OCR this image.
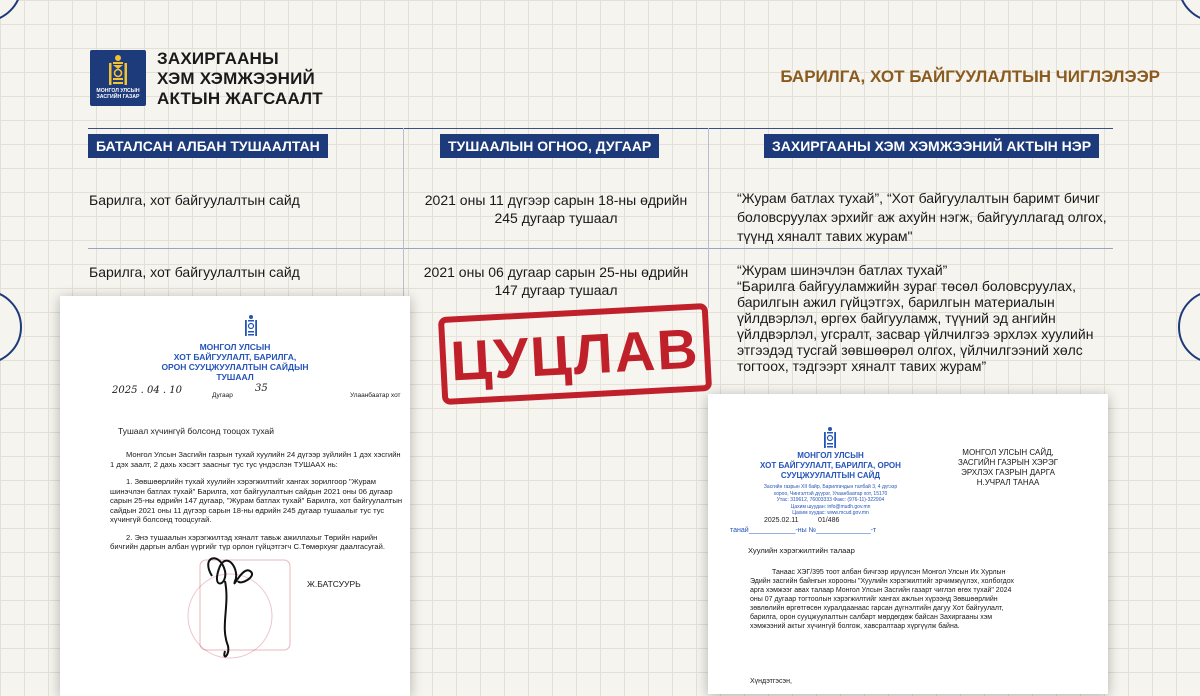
МОНГОЛ УЛСЫН
ЗАСГИЙН ГАЗАР
ЗАХИРГААНЫ
ХЭМ ХЭМЖЭЭНИЙ
АКТЫН ЖАГСААЛТ
БАРИЛГА, ХОТ БАЙГУУЛАЛТЫН ЧИГЛЭЛЭЭР
БАТАЛСАН АЛБАН ТУШААЛТАН	ТУШААЛЫН ОГНОО, ДУГААР	ЗАХИРГААНЫ ХЭМ ХЭМЖЭЭНИЙ АКТЫН НЭР
Барилга, хот байгуулалтын сайд	2021 оны 11 дүгээр сарын 18-ны өдрийн
245 дугаар тушаал
“Журам батлах тухай”, “Хот байгуулалтын баримт бичиг
боловсруулах эрхийг аж ахуйн нэгж, байгууллагад олгох,
түүнд хяналт тавих журам"
Барилга, хот байгуулалтын сайд	2021 оны 06 дугаар сарын 25-ны өдрийн
147 дугаар тушаал
“Журам шинэчлэн батлах тухай”
“Барилга байгууламжийн зураг төсөл боловсруулах,
барилгын ажил гүйцэтгэх, барилгын материалын
үйлдвэрлэл, өргөх байгууламж, түүний эд ангийн
үйлдвэрлэл, угсралт, засвар үйлчилгээ эрхлэх хуулийн
этгээдэд тусгай зөвшөөрөл олгох, үйлчилгээний хөлс
тогтоох, тэдгээрт хяналт тавих журам”
МОНГОЛ УЛСЫН
ХОТ БАЙГУУЛАЛТ, БАРИЛГА,
ОРОН СУУЦЖУУЛАЛТЫН САЙДЫН
ТУШААЛ
2025 . 04 . 10	Дугаар
35
Улаанбаатар хот
Тушаал хүчингүй болсонд тооцох тухай
Монгол Улсын Засгийн газрын тухай хуулийн 24 дүгээр зүйлийн 1 дэх хэсгийн
1 дэх заалт, 2 дахь хэсэгт заасныг тус тус үндэслэн ТУШААХ нь:
1. Зөвшөөрлийн тухай хуулийн хэрэгжилтийг хангах зорилгоор "Журам
шинэчлэн батлах тухай" Барилга, хот байгуулалтын сайдын 2021 оны 06 дугаар
сарын 25-ны өдрийн 147 дугаар, "Журам батлах тухай" Барилга, хот байгуулалтын
сайдын 2021 оны 11 дүгээр сарын 18-ны өдрийн 245 дугаар тушаалыг тус тус
хүчингүй болсонд тооцсугай.
2. Энэ тушаалын хэрэгжилтэд хяналт тавьж ажиллахыг Төрийн нарийн
бичгийн даргын албан үүргийг түр орлон гүйцэтгэгч С.Төмөрхуяг даалгасугай.
Ж.БАТСУУРЬ
МОНГОЛ УЛСЫН
ХОТ БАЙГУУЛАЛТ, БАРИЛГА, ОРОН
СУУЦЖУУЛАЛТЫН САЙД
Засгийн газрын XII байр, Барилгачдын талбай 3, 4 дүгээр
хороо, Чингэлтэй дүүрэг, Улаанбаатар хот, 15170
Утас: 319612, 76003333 Факс: (976-11)-322904
Цахим шуудан: info@mudh.gov.mn
Цахим хуудас: www.mcud.gov.mn
2025.02.11          01/486
танай____________-ны №______________-т
МОНГОЛ УЛСЫН САЙД,
ЗАСГИЙН ГАЗРЫН ХЭРЭГ
ЭРХЛЭХ ГАЗРЫН ДАРГА
Н.УЧРАЛ ТАНАА
Хуулийн хэрэгжилтийн талаар
Танаас ХЭГ/395 тоот албан бичгээр ирүүлсэн Монгол Улсын Их Хурлын
Эдийн засгийн байнгын хорооны "Хуулийн хэрэгжилтийг эрчимжүүлэх, холбогдох
арга хэмжээг авах талаар Монгол Улсын Засгийн газарт чиглэл өгөх тухай" 2024
оны 07 дугаар тогтоолын хэрэгжилтийг хангах ажлын хүрээнд Зөвшөөрлийн
зөвлөлийн өргөтгөсөн хуралдаанаас гарсан дүгнэлтийн дагуу Хот байгуулалт,
барилга, орон сууцжуулалтын салбарт мөрдөгдөж байсан Захиргааны хэм
хэмжээний актыг хүчингүй болгож, хавсралтаар хүргүүлж байна.
Хүндэтгэсэн,
ЦУЦЛАВ
